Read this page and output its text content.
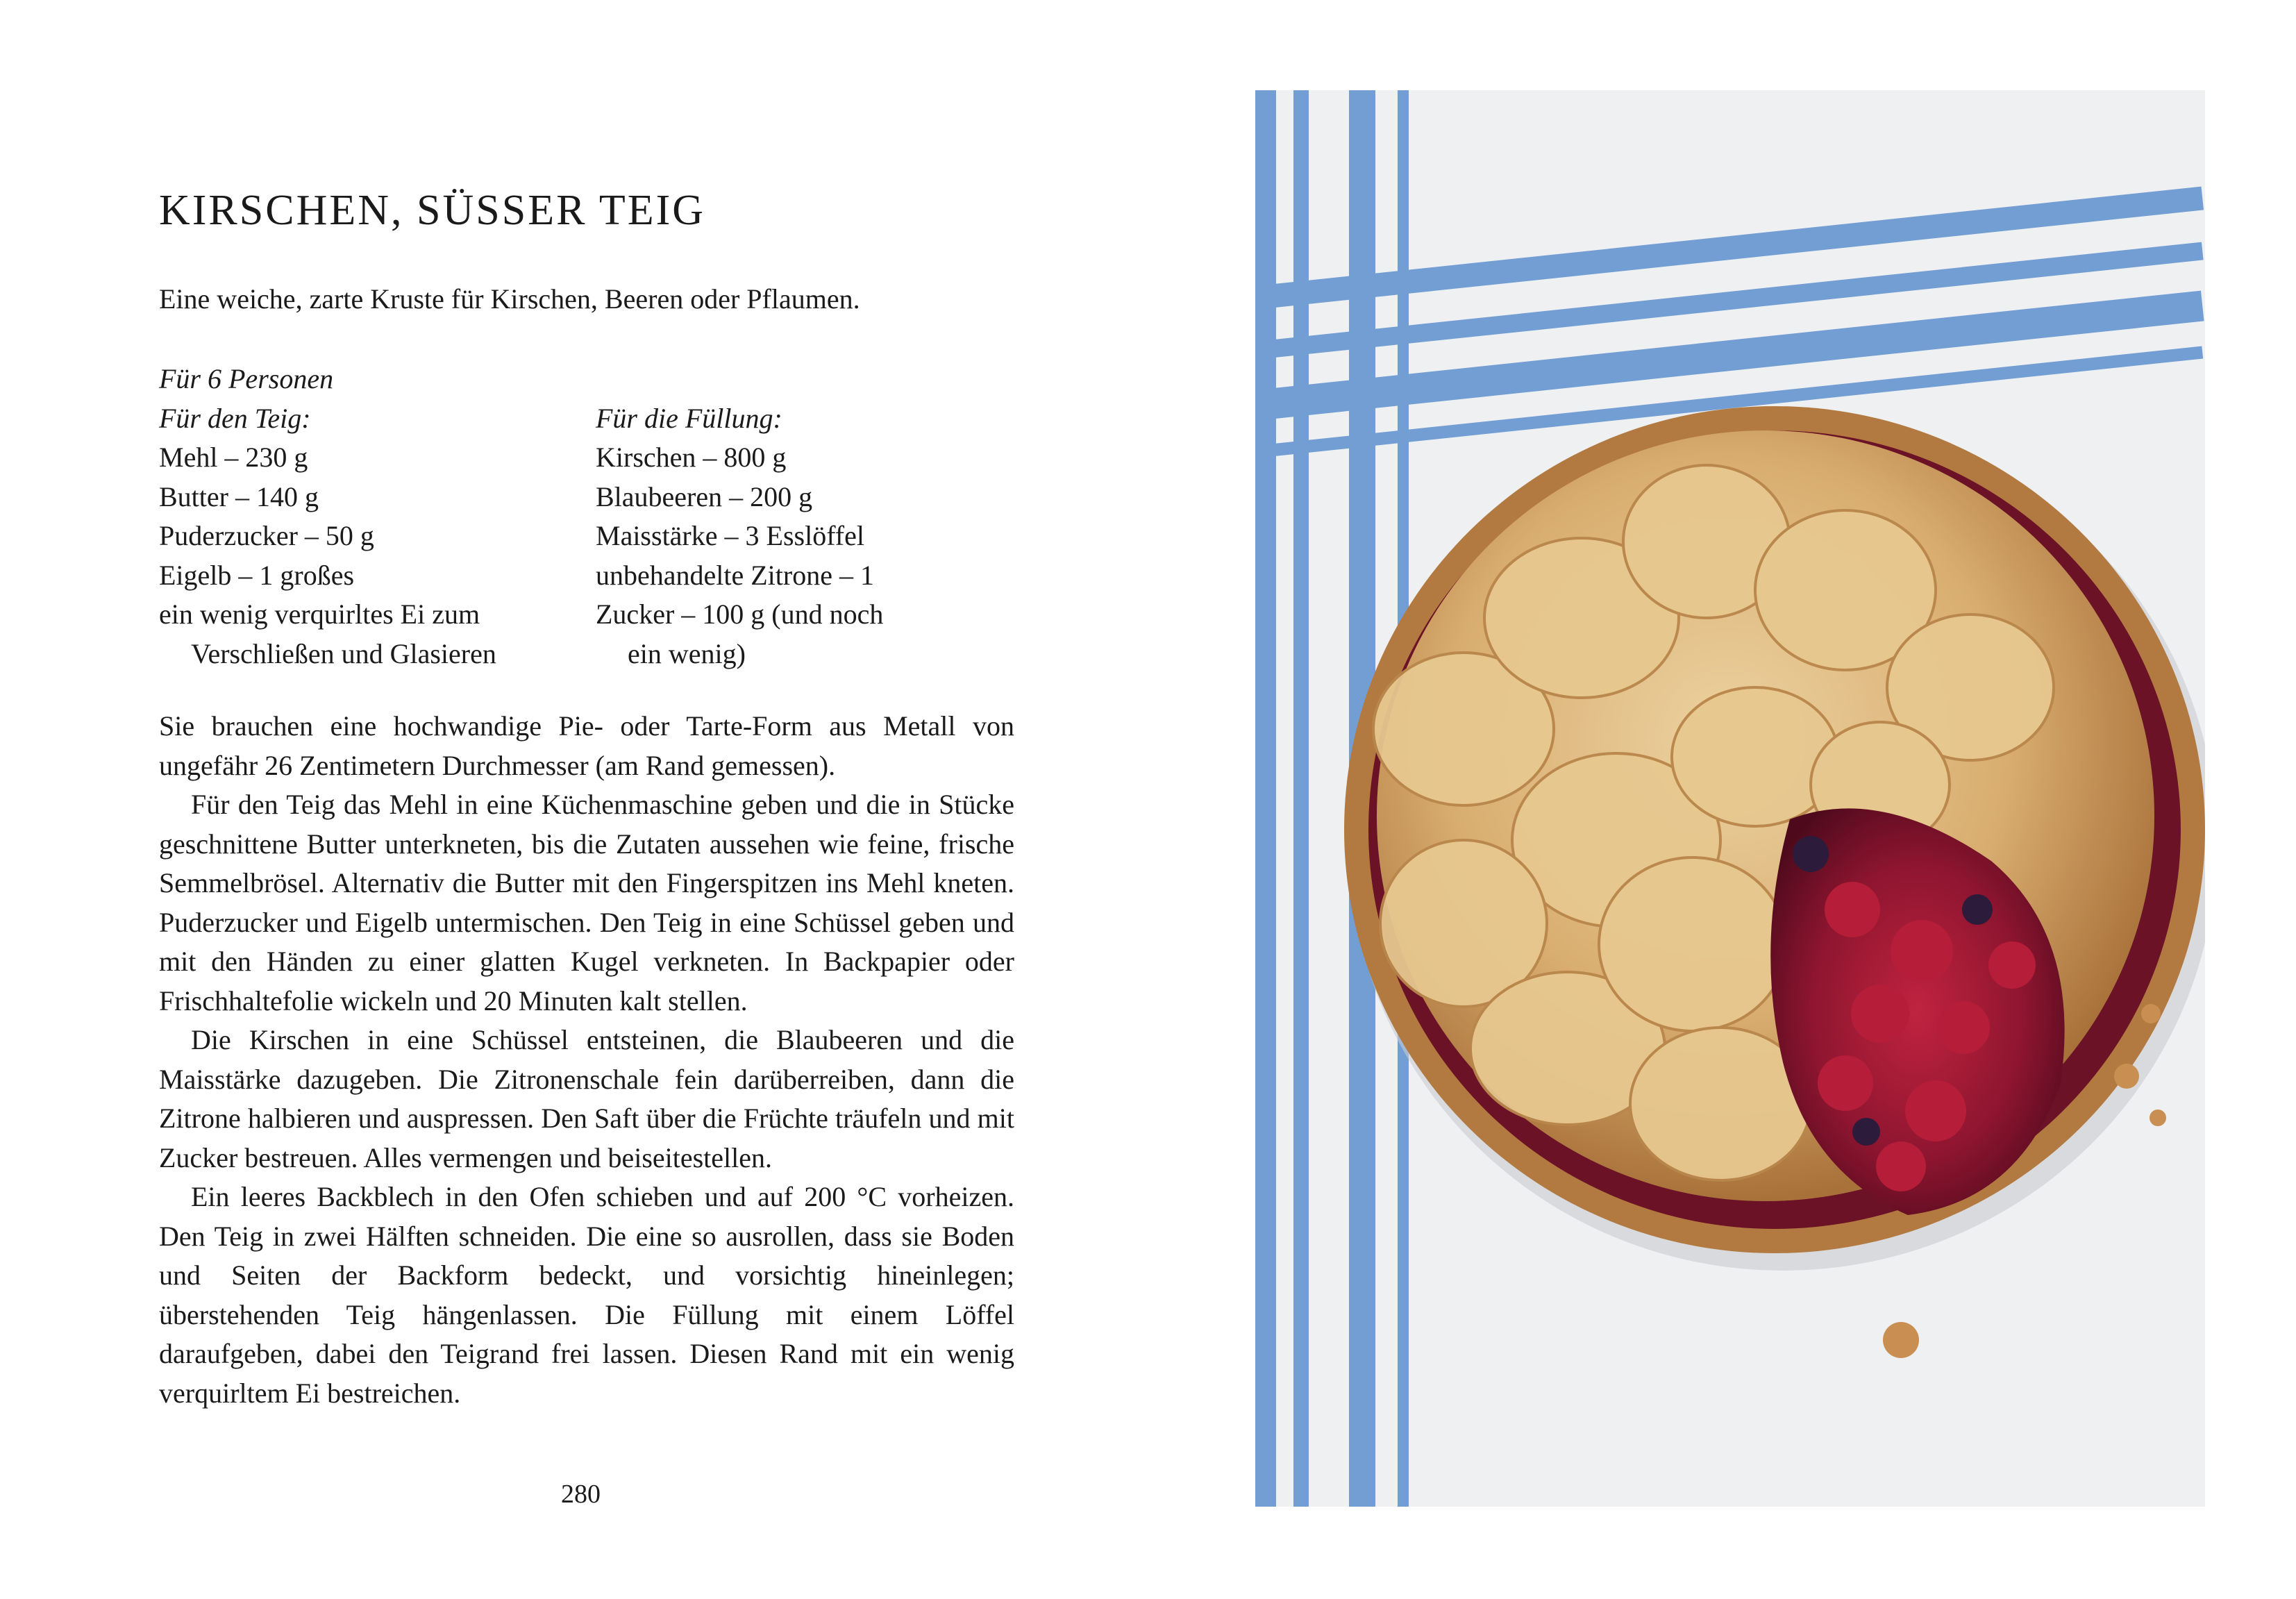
KIRSCHEN, SÜSSER TEIG

Eine weiche, zarte Kruste für Kirschen, Beeren oder Pflaumen.

Für 6 Personen
Für den Teig:
Mehl – 230 g
Butter – 140 g
Puderzucker – 50 g
Eigelb – 1 großes
ein wenig verquirltes Ei zum
Verschließen und Glasieren
Für die Füllung:
Kirschen – 800 g
Blaubeeren – 200 g
Maisstärke – 3 Esslöffel
unbehandelte Zitrone – 1
Zucker – 100 g (und noch
ein wenig)

Sie brauchen eine hochwandige Pie- oder Tarte-Form aus Metall von ungefähr 26 Zentimetern Durchmesser (am Rand gemessen).

Für den Teig das Mehl in eine Küchenmaschine geben und die in Stücke geschnittene Butter unterkneten, bis die Zutaten aussehen wie feine, frische Semmelbrösel. Alternativ die Butter mit den Fingerspitzen ins Mehl kneten. Puderzucker und Eigelb untermischen. Den Teig in eine Schüssel geben und mit den Händen zu einer glatten Kugel verkneten. In Backpapier oder Frischhaltefolie wickeln und 20 Minuten kalt stellen.

Die Kirschen in eine Schüssel entsteinen, die Blaubeeren und die Maisstärke dazugeben. Die Zitronenschale fein darüberreiben, dann die Zitrone halbieren und auspressen. Den Saft über die Früchte träufeln und mit Zucker bestreuen. Alles vermengen und beiseitestellen.

Ein leeres Backblech in den Ofen schieben und auf 200 °C vorheizen. Den Teig in zwei Hälften schneiden. Die eine so ausrollen, dass sie Boden und Seiten der Backform bedeckt, und vorsichtig hineinlegen; überstehenden Teig hängenlassen. Die Füllung mit einem Löffel daraufgeben, dabei den Teigrand frei lassen. Diesen Rand mit ein wenig verquirltem Ei bestreichen.

280
